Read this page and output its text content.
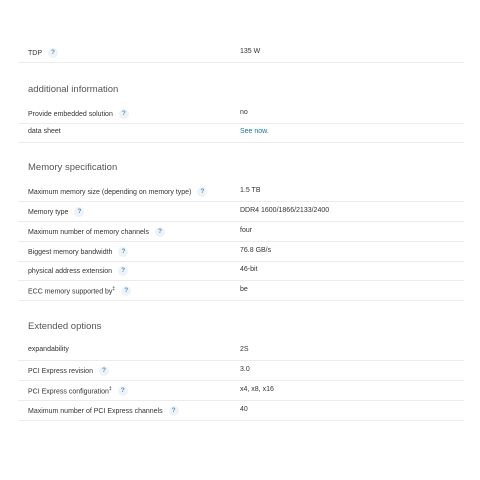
TDP ?	135 W
additional information
Provide embedded solution ?	no
data sheet	See now.
Memory specification
Maximum memory size (depending on memory type) ?	1.5 TB
Memory type ?	DDR4 1600/1866/2133/2400
Maximum number of memory channels ?	four
Biggest memory bandwidth ?	76.8 GB/s
physical address extension ?	46-bit
ECC memory supported by‡ ?	be
Extended options
expandability	2S
PCI Express revision ?	3.0
PCI Express configuration‡ ?	x4, x8, x16
Maximum number of PCI Express channels ?	40
